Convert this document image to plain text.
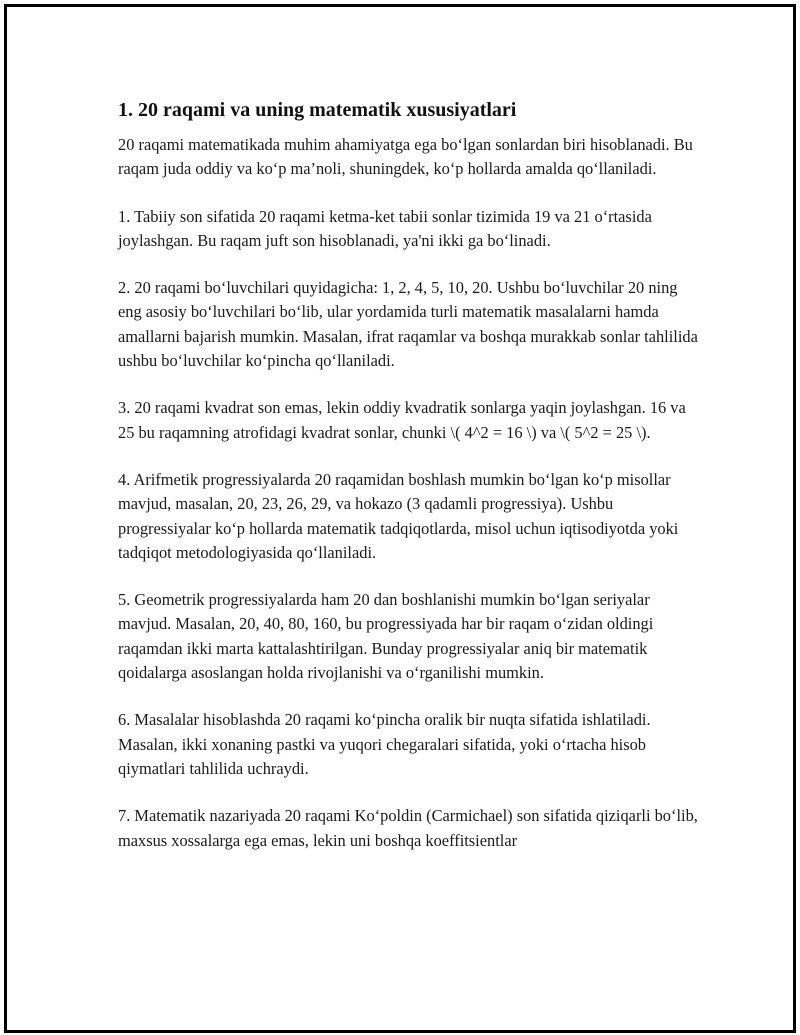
1. 20 raqami va uning matematik xususiyatlari

20 raqami matematikada muhim ahamiyatga ega bo‘lgan sonlardan biri hisoblanadi. Bu raqam juda oddiy va ko‘p ma’noli, shuningdek, ko‘p hollarda amalda qo‘llaniladi.

1. Tabiiy son sifatida 20 raqami ketma-ket tabii sonlar tizimida 19 va 21 o‘rtasida joylashgan. Bu raqam juft son hisoblanadi, ya'ni ikki ga bo‘linadi.

2. 20 raqami bo‘luvchilari quyidagicha: 1, 2, 4, 5, 10, 20. Ushbu bo‘luvchilar 20 ning eng asosiy bo‘luvchilari bo‘lib, ular yordamida turli matematik masalalarni hamda amallarni bajarish mumkin. Masalan, ifrat raqamlar va boshqa murakkab sonlar tahlilida ushbu bo‘luvchilar ko‘pincha qo‘llaniladi.

3. 20 raqami kvadrat son emas, lekin oddiy kvadratik sonlarga yaqin joylashgan. 16 va 25 bu raqamning atrofidagi kvadrat sonlar, chunki \( 4^2 = 16 \) va \( 5^2 = 25 \).

4. Arifmetik progressiyalarda 20 raqamidan boshlash mumkin bo‘lgan ko‘p misollar mavjud, masalan, 20, 23, 26, 29, va hokazo (3 qadamli progressiya). Ushbu progressiyalar ko‘p hollarda matematik tadqiqotlarda, misol uchun iqtisodiyotda yoki tadqiqot metodologiyasida qo‘llaniladi.

5. Geometrik progressiyalarda ham 20 dan boshlanishi mumkin bo‘lgan seriyalar mavjud. Masalan, 20, 40, 80, 160, bu progressiyada har bir raqam o‘zidan oldingi raqamdan ikki marta kattalashtirilgan. Bunday progressiyalar aniq bir matematik qoidalarga asoslangan holda rivojlanishi va o‘rganilishi mumkin.

6. Masalalar hisoblashda 20 raqami ko‘pincha oralik bir nuqta sifatida ishlatiladi. Masalan, ikki xonaning pastki va yuqori chegaralari sifatida, yoki o‘rtacha hisob qiymatlari tahlilida uchraydi.

7. Matematik nazariyada 20 raqami Ko‘poldin (Carmichael) son sifatida qiziqarli bo‘lib, maxsus xossalarga ega emas, lekin uni boshqa koeffitsientlar
